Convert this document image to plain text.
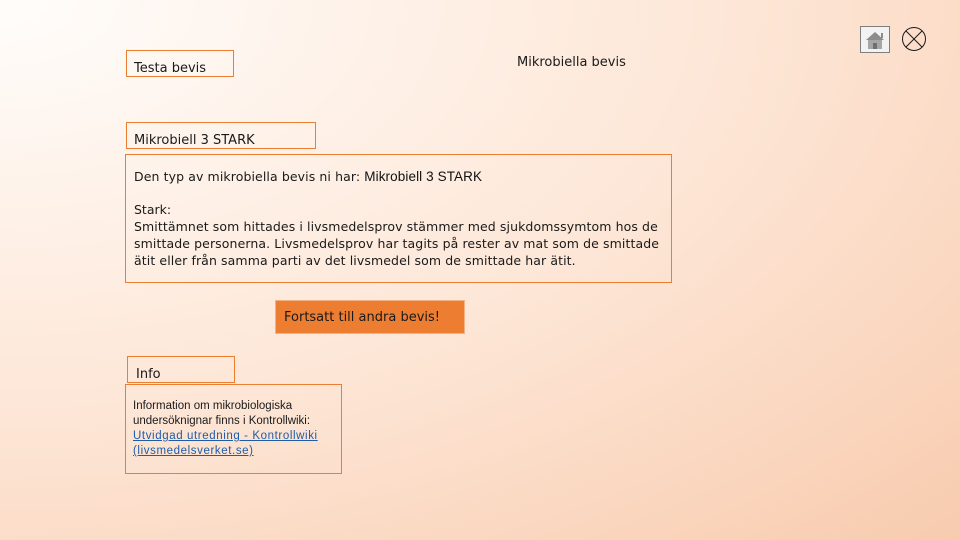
Testa bevis	Mikrobiella bevis
Mikrobiell 3 STARK
Den typ av mikrobiella bevis ni har: Mikrobiell 3 STARK
Stark:

Smittämnet som hittades i livsmedelsprov stämmer med sjukdomssymtom hos de smittade personerna. Livsmedelsprov har tagits på rester av mat som de smittade ätit eller från samma parti av det livsmedel som de smittade har ätit.

Fortsatt till andra bevis!
Info
Information om mikrobiologiska undersöknignar finns i Kontrollwiki:
Utvidgad utredning - Kontrollwiki (livsmedelsverket.se)
